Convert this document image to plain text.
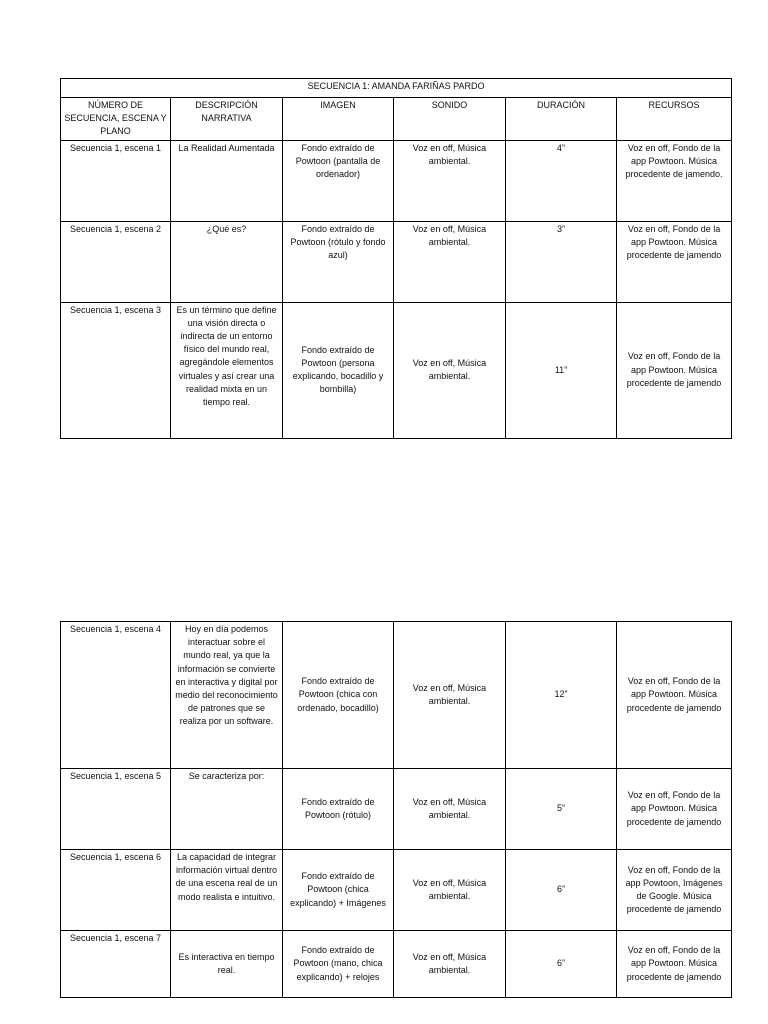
SECUENCIA 1: AMANDA FARIÑAS PARDO					
NÚMERO DE SECUENCIA, ESCENA Y PLANO	DESCRIPCIÓN NARRATIVA	IMAGEN	SONIDO	DURACIÓN	RECURSOS
Secuencia 1, escena 1	La Realidad Aumentada	Fondo extraído de Powtoon (pantalla de ordenador)	Voz en off, Música ambiental.	4”	Voz en off, Fondo de la app Powtoon. Música procedente de jamendo.
Secuencia 1, escena 2	¿Qué es?	Fondo extraído de Powtoon (rótulo y fondo azul)	Voz en off, Música ambiental.	3”	Voz en off, Fondo de la app Powtoon. Música procedente de jamendo
Secuencia 1, escena 3	Es un término que define una visión directa o indirecta de un entorno físico del mundo real, agregándole elementos virtuales y así crear una realidad mixta en un tiempo real.	Fondo extraído de Powtoon (persona explicando, bocadillo y bombilla)	Voz en off, Música ambiental.	11”	Voz en off, Fondo de la app Powtoon. Música procedente de jamendo
Secuencia 1, escena 4	Hoy en día podemos interactuar sobre el mundo real, ya que la información se convierte en interactiva y digital por medio del reconocimiento de patrones que se realiza por un software.	Fondo extraído de Powtoon (chica con ordenado, bocadillo)	Voz en off, Música ambiental.	12”	Voz en off, Fondo de la app Powtoon. Música procedente de jamendo
Secuencia 1, escena 5	Se caracteriza por:	Fondo extraído de Powtoon (rótulo)	Voz en off, Música ambiental.	5”	Voz en off, Fondo de la app Powtoon. Música procedente de jamendo
Secuencia 1, escena 6	La capacidad de integrar información virtual dentro de una escena real de un modo realista e intuitivo.	Fondo extraído de Powtoon (chica explicando) + Imágenes	Voz en off, Música ambiental.	6”	Voz en off, Fondo de la app Powtoon, Imágenes de Google. Música procedente de jamendo
Secuencia 1, escena 7	Es interactiva en tiempo real.	Fondo extraído de Powtoon (mano, chica explicando) + relojes	Voz en off, Música ambiental.	6”	Voz en off, Fondo de la app Powtoon. Música procedente de jamendo
